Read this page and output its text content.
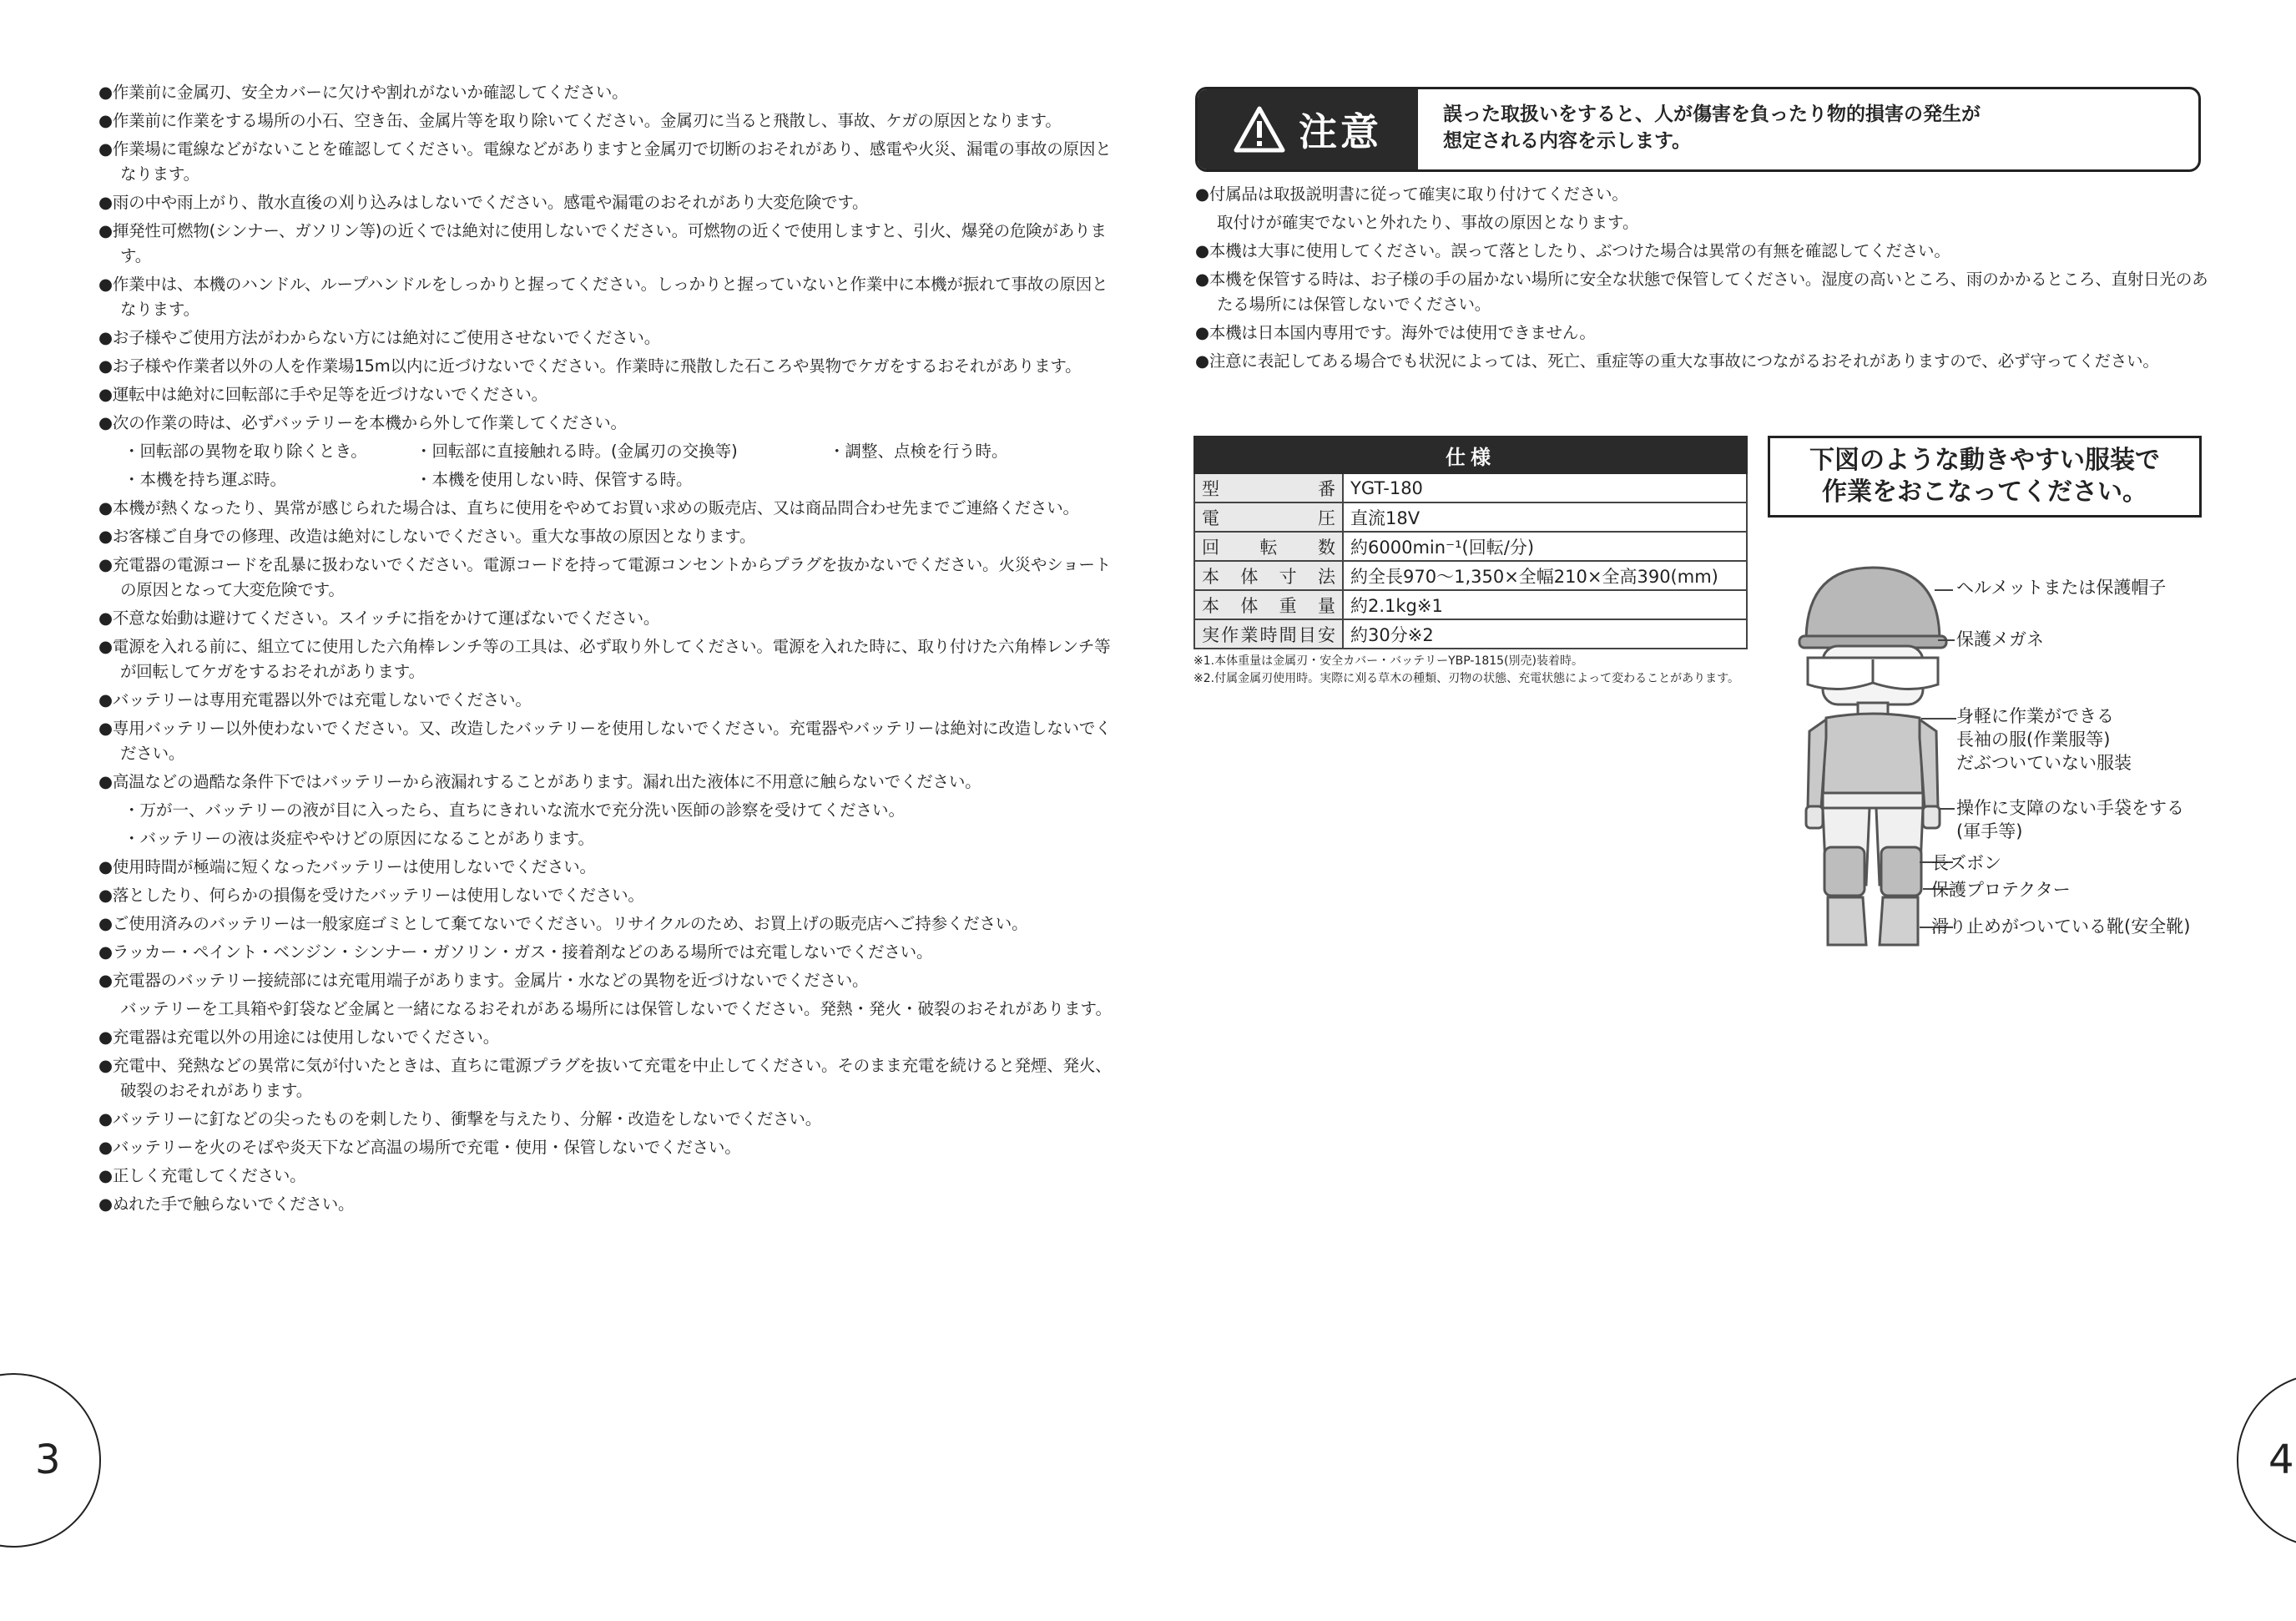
●作業前に金属刃、安全カバーに欠けや割れがないか確認してください。
●作業前に作業をする場所の小石、空き缶、金属片等を取り除いてください。金属刃に当ると飛散し、事故、ケガの原因となります。
●作業場に電線などがないことを確認してください。電線などがありますと金属刃で切断のおそれがあり、感電や火災、漏電の事故の原因となります。
●雨の中や雨上がり、散水直後の刈り込みはしないでください。感電や漏電のおそれがあり大変危険です。
●揮発性可燃物(シンナー、ガソリン等)の近くでは絶対に使用しないでください。可燃物の近くで使用しますと、引火、爆発の危険があります。
●作業中は、本機のハンドル、ループハンドルをしっかりと握ってください。しっかりと握っていないと作業中に本機が振れて事故の原因となります。
●お子様やご使用方法がわからない方には絶対にご使用させないでください。
●お子様や作業者以外の人を作業場15m以内に近づけないでください。作業時に飛散した石ころや異物でケガをするおそれがあります。
●運転中は絶対に回転部に手や足等を近づけないでください。
●次の作業の時は、必ずバッテリーを本機から外して作業してください。
・回転部の異物を取り除くとき。	・回転部に直接触れる時。(金属刃の交換等)	・調整、点検を行う時。
・本機を持ち運ぶ時。	・本機を使用しない時、保管する時。
●本機が熱くなったり、異常が感じられた場合は、直ちに使用をやめてお買い求めの販売店、又は商品問合わせ先までご連絡ください。
●お客様ご自身での修理、改造は絶対にしないでください。重大な事故の原因となります。
●充電器の電源コードを乱暴に扱わないでください。電源コードを持って電源コンセントからプラグを抜かないでください。火災やショートの原因となって大変危険です。
●不意な始動は避けてください。スイッチに指をかけて運ばないでください。
●電源を入れる前に、組立てに使用した六角棒レンチ等の工具は、必ず取り外してください。電源を入れた時に、取り付けた六角棒レンチ等が回転してケガをするおそれがあります。
●バッテリーは専用充電器以外では充電しないでください。
●専用バッテリー以外使わないでください。又、改造したバッテリーを使用しないでください。充電器やバッテリーは絶対に改造しないでください。
●高温などの過酷な条件下ではバッテリーから液漏れすることがあります。漏れ出た液体に不用意に触らないでください。
・万が一、バッテリーの液が目に入ったら、直ちにきれいな流水で充分洗い医師の診察を受けてください。
・バッテリーの液は炎症ややけどの原因になることがあります。
●使用時間が極端に短くなったバッテリーは使用しないでください。
●落としたり、何らかの損傷を受けたバッテリーは使用しないでください。
●ご使用済みのバッテリーは一般家庭ゴミとして棄てないでください。リサイクルのため、お買上げの販売店へご持参ください。
●ラッカー・ペイント・ベンジン・シンナー・ガソリン・ガス・接着剤などのある場所では充電しないでください。
●充電器のバッテリー接続部には充電用端子があります。金属片・水などの異物を近づけないでください。
バッテリーを工具箱や釘袋など金属と一緒になるおそれがある場所には保管しないでください。発熱・発火・破裂のおそれがあります。
●充電器は充電以外の用途には使用しないでください。
●充電中、発熱などの異常に気が付いたときは、直ちに電源プラグを抜いて充電を中止してください。そのまま充電を続けると発煙、発火、破裂のおそれがあります。
●バッテリーに釘などの尖ったものを刺したり、衝撃を与えたり、分解・改造をしないでください。
●バッテリーを火のそばや炎天下など高温の場所で充電・使用・保管しないでください。
●正しく充電してください。
●ぬれた手で触らないでください。
注意	誤った取扱いをすると、人が傷害を負ったり物的損害の発生が
想定される内容を示します。
●付属品は取扱説明書に従って確実に取り付けてください。
取付けが確実でないと外れたり、事故の原因となります。
●本機は大事に使用してください。誤って落としたり、ぶつけた場合は異常の有無を確認してください。
●本機を保管する時は、お子様の手の届かない場所に安全な状態で保管してください。湿度の高いところ、雨のかかるところ、直射日光のあたる場所には保管しないでください。
●本機は日本国内専用です。海外では使用できません。
●注意に表記してある場合でも状況によっては、死亡、重症等の重大な事故につながるおそれがありますので、必ず守ってください。
仕様	
型番	YGT-180
電圧	直流18V
回転数	約6000min⁻¹(回転/分)
本体寸法	約全長970～1,350×全幅210×全高390(mm)
本体重量	約2.1kg※1
実作業時間目安	約30分※2
※1.本体重量は金属刃・安全カバー・バッテリーYBP-1815(別売)装着時。
※2.付属金属刃使用時。実際に刈る草木の種類、刃物の状態、充電状態によって変わることがあります。
下図のような動きやすい服装で
作業をおこなってください。
ヘルメットまたは保護帽子
保護メガネ
身軽に作業ができる
長袖の服(作業服等)
だぶついていない服装
操作に支障のない手袋をする
(軍手等)
長ズボン
保護プロテクター
滑り止めがついている靴(安全靴)
3	4
